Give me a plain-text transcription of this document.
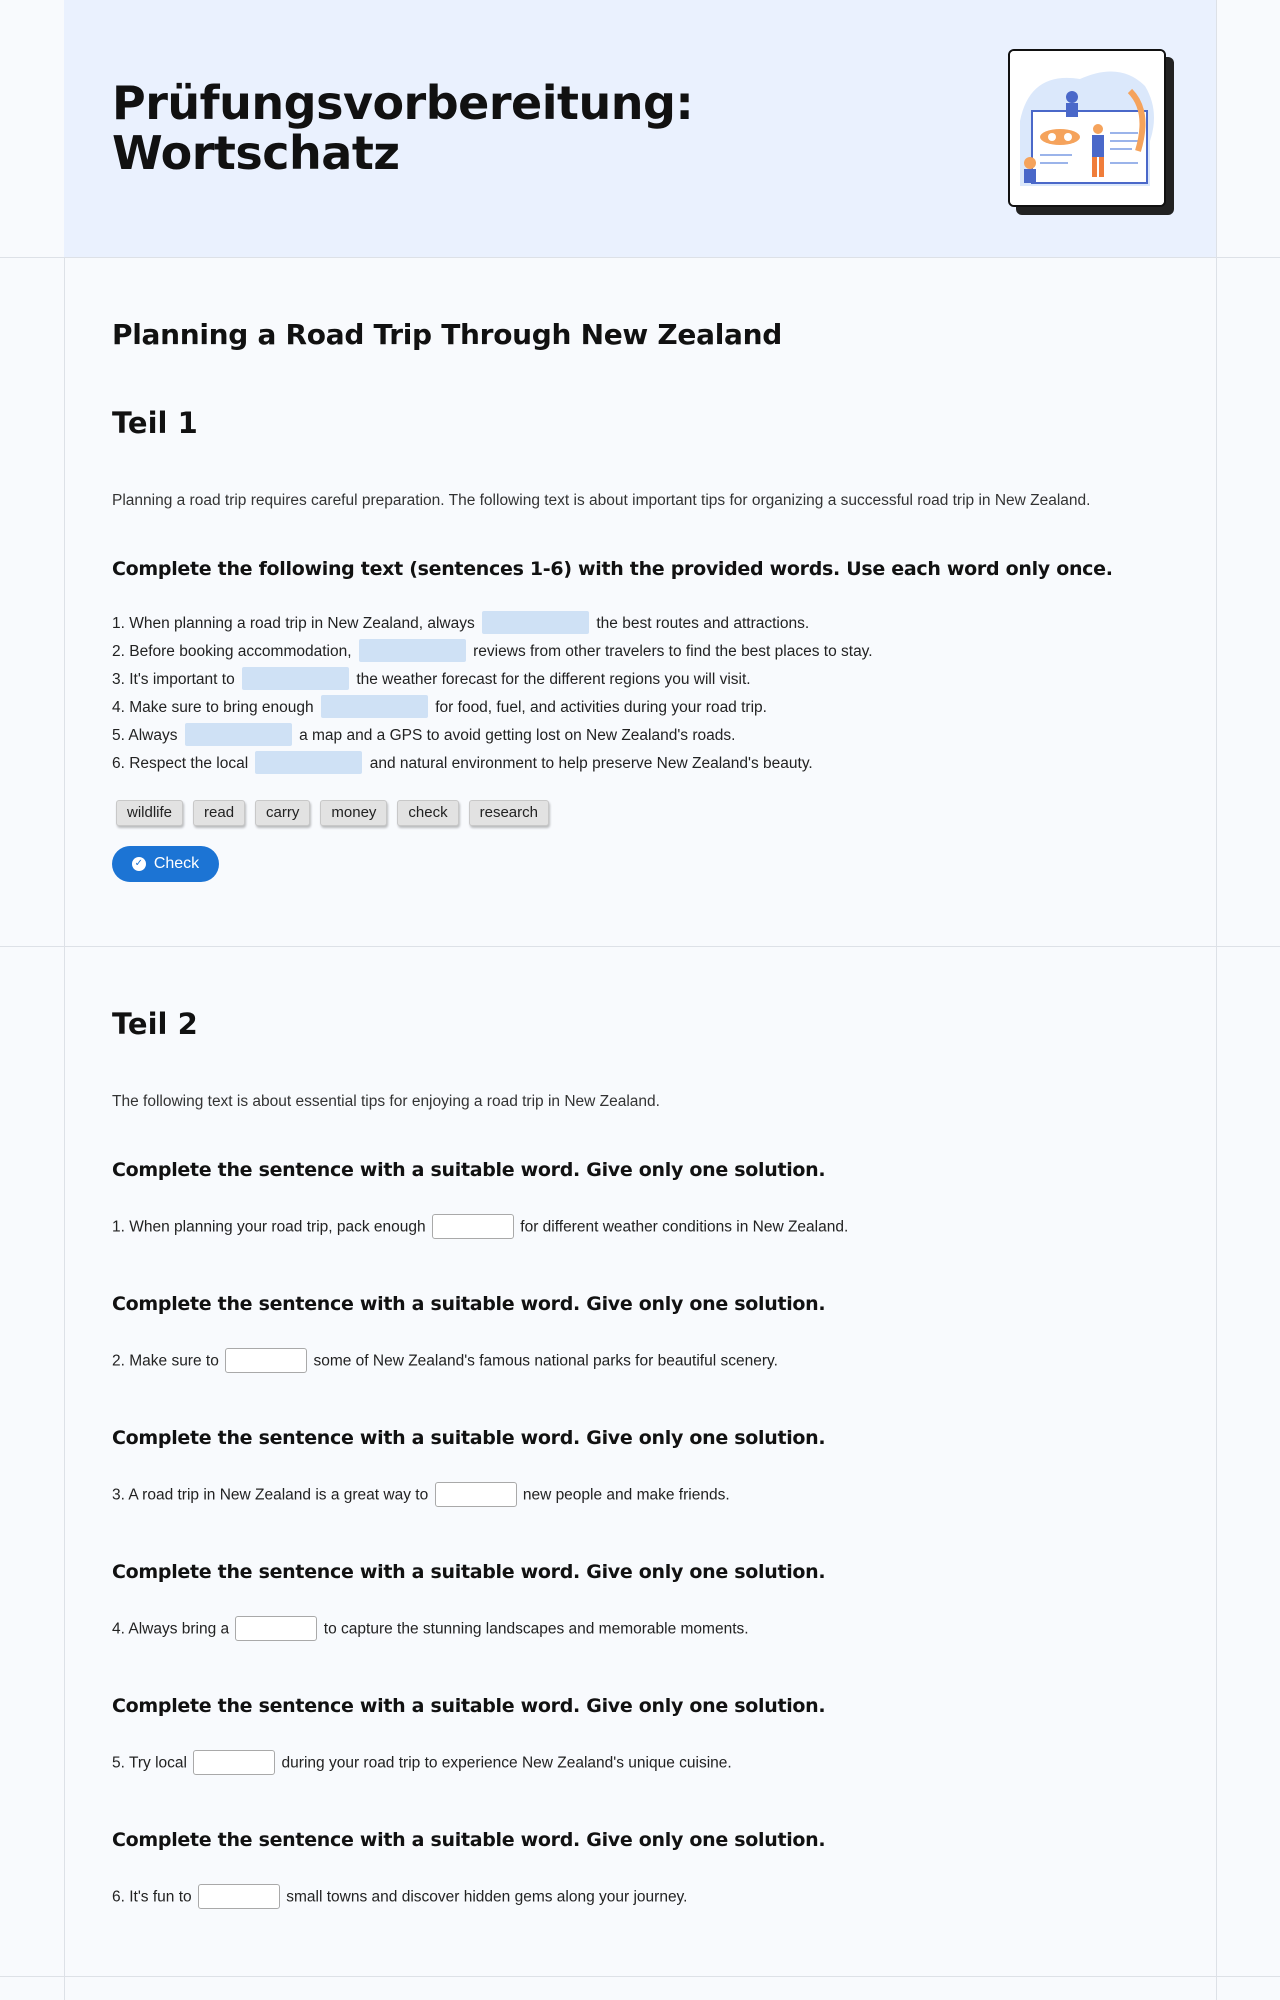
Prüfungsvorbereitung:
Wortschatz
Planning a Road Trip Through New Zealand
Teil 1
Planning a road trip requires careful preparation. The following text is about important tips for organizing a successful road trip in New Zealand.
Complete the following text (sentences 1-6) with the provided words. Use each word only once.
1. When planning a road trip in New Zealand, always	the best routes and attractions.
2. Before booking accommodation,	reviews from other travelers to find the best places to stay.
3. It's important to	the weather forecast for the different regions you will visit.
4. Make sure to bring enough	for food, fuel, and activities during your road trip.
5. Always	a map and a GPS to avoid getting lost on New Zealand's roads.
6. Respect the local	and natural environment to help preserve New Zealand's beauty.
wildlife	read	carry	money	check	research
✓ Check
Teil 2
The following text is about essential tips for enjoying a road trip in New Zealand.
Complete the sentence with a suitable word. Give only one solution.
1. When planning your road trip, pack enough	for different weather conditions in New Zealand.
Complete the sentence with a suitable word. Give only one solution.
2. Make sure to	some of New Zealand's famous national parks for beautiful scenery.
Complete the sentence with a suitable word. Give only one solution.
3. A road trip in New Zealand is a great way to	new people and make friends.
Complete the sentence with a suitable word. Give only one solution.
4. Always bring a	to capture the stunning landscapes and memorable moments.
Complete the sentence with a suitable word. Give only one solution.
5. Try local	during your road trip to experience New Zealand's unique cuisine.
Complete the sentence with a suitable word. Give only one solution.
6. It's fun to	small towns and discover hidden gems along your journey.
